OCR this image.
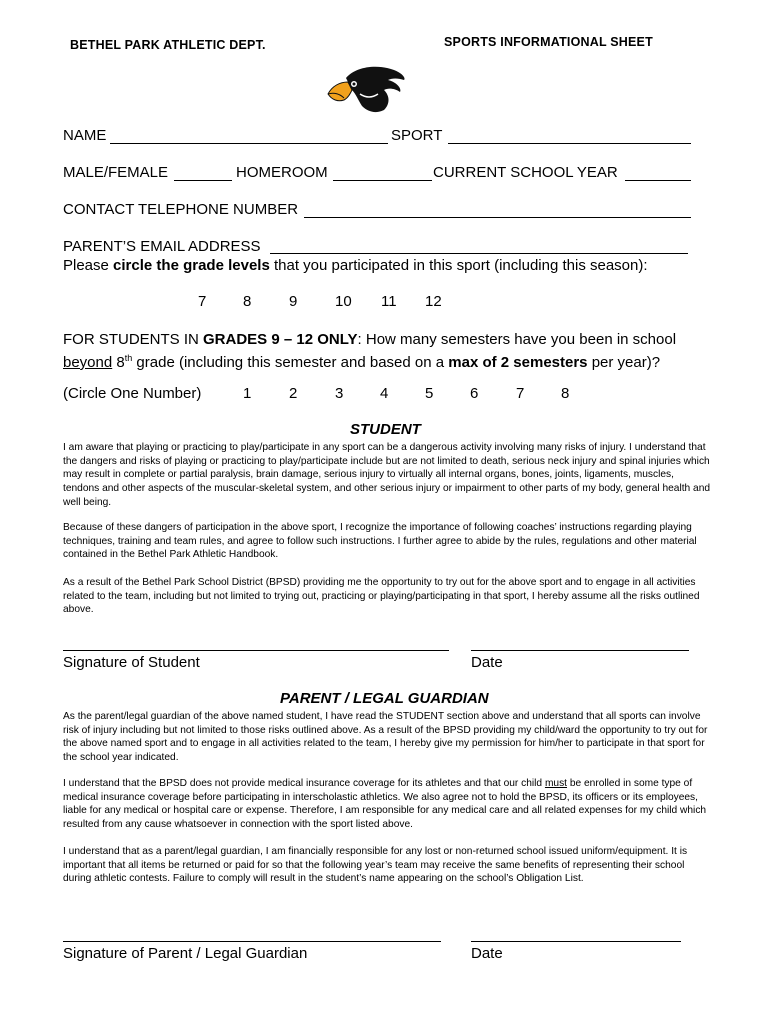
BETHEL PARK ATHLETIC DEPT.	SPORTS INFORMATIONAL SHEET
NAME	SPORT
MALE/FEMALE	HOMEROOM	CURRENT SCHOOL YEAR
CONTACT TELEPHONE NUMBER
PARENT’S EMAIL ADDRESS
Please circle the grade levels that you participated in this sport (including this season):
7 8	9	10 11 12
FOR STUDENTS IN GRADES 9 – 12 ONLY: How many semesters have you been in school
beyond 8th grade (including this semester and based on a max of 2 semesters per year)?
(Circle One Number)	1	2	3 4 5 6	7 8
STUDENT

I am aware that playing or practicing to play/participate in any sport can be a dangerous activity involving many risks of injury. I understand that the dangers and risks of playing or practicing to play/participate include but are not limited to death, serious neck injury and spinal injuries which may result in complete or partial paralysis, brain damage, serious injury to virtually all internal organs, bones, joints, ligaments, muscles, tendons and other aspects of the muscular-skeletal system, and other serious injury or impairment to other parts of my body, general health and well being.

Because of these dangers of participation in the above sport, I recognize the importance of following coaches’ instructions regarding playing techniques, training and team rules, and agree to follow such instructions. I further agree to abide by the rules, regulations and other material contained in the Bethel Park Athletic Handbook.

As a result of the Bethel Park School District (BPSD) providing me the opportunity to try out for the above sport and to engage in all activities related to the team, including but not limited to trying out, practicing or playing/participating in that sport, I hereby assume all the risks outlined above.

Signature of Student	Date
PARENT / LEGAL GUARDIAN

As the parent/legal guardian of the above named student, I have read the STUDENT section above and understand that all sports can involve risk of injury including but not limited to those risks outlined above. As a result of the BPSD providing my child/ward the opportunity to try out for the above named sport and to engage in all activities related to the team, I hereby give my permission for him/her to participate in that sport for the school year indicated.

I understand that the BPSD does not provide medical insurance coverage for its athletes and that our child must be enrolled in some type of medical insurance coverage before participating in interscholastic athletics. We also agree not to hold the BPSD, its officers or its employees, liable for any medical or hospital care or expense. Therefore, I am responsible for any medical care and all related expenses for my child which resulted from any cause whatsoever in connection with the sport listed above.

I understand that as a parent/legal guardian, I am financially responsible for any lost or non-returned school issued uniform/equipment. It is important that all items be returned or paid for so that the following year’s team may receive the same benefits of representing their school during athletic contests. Failure to comply will result in the student’s name appearing on the school’s Obligation List.

Signature of Parent / Legal Guardian	Date
